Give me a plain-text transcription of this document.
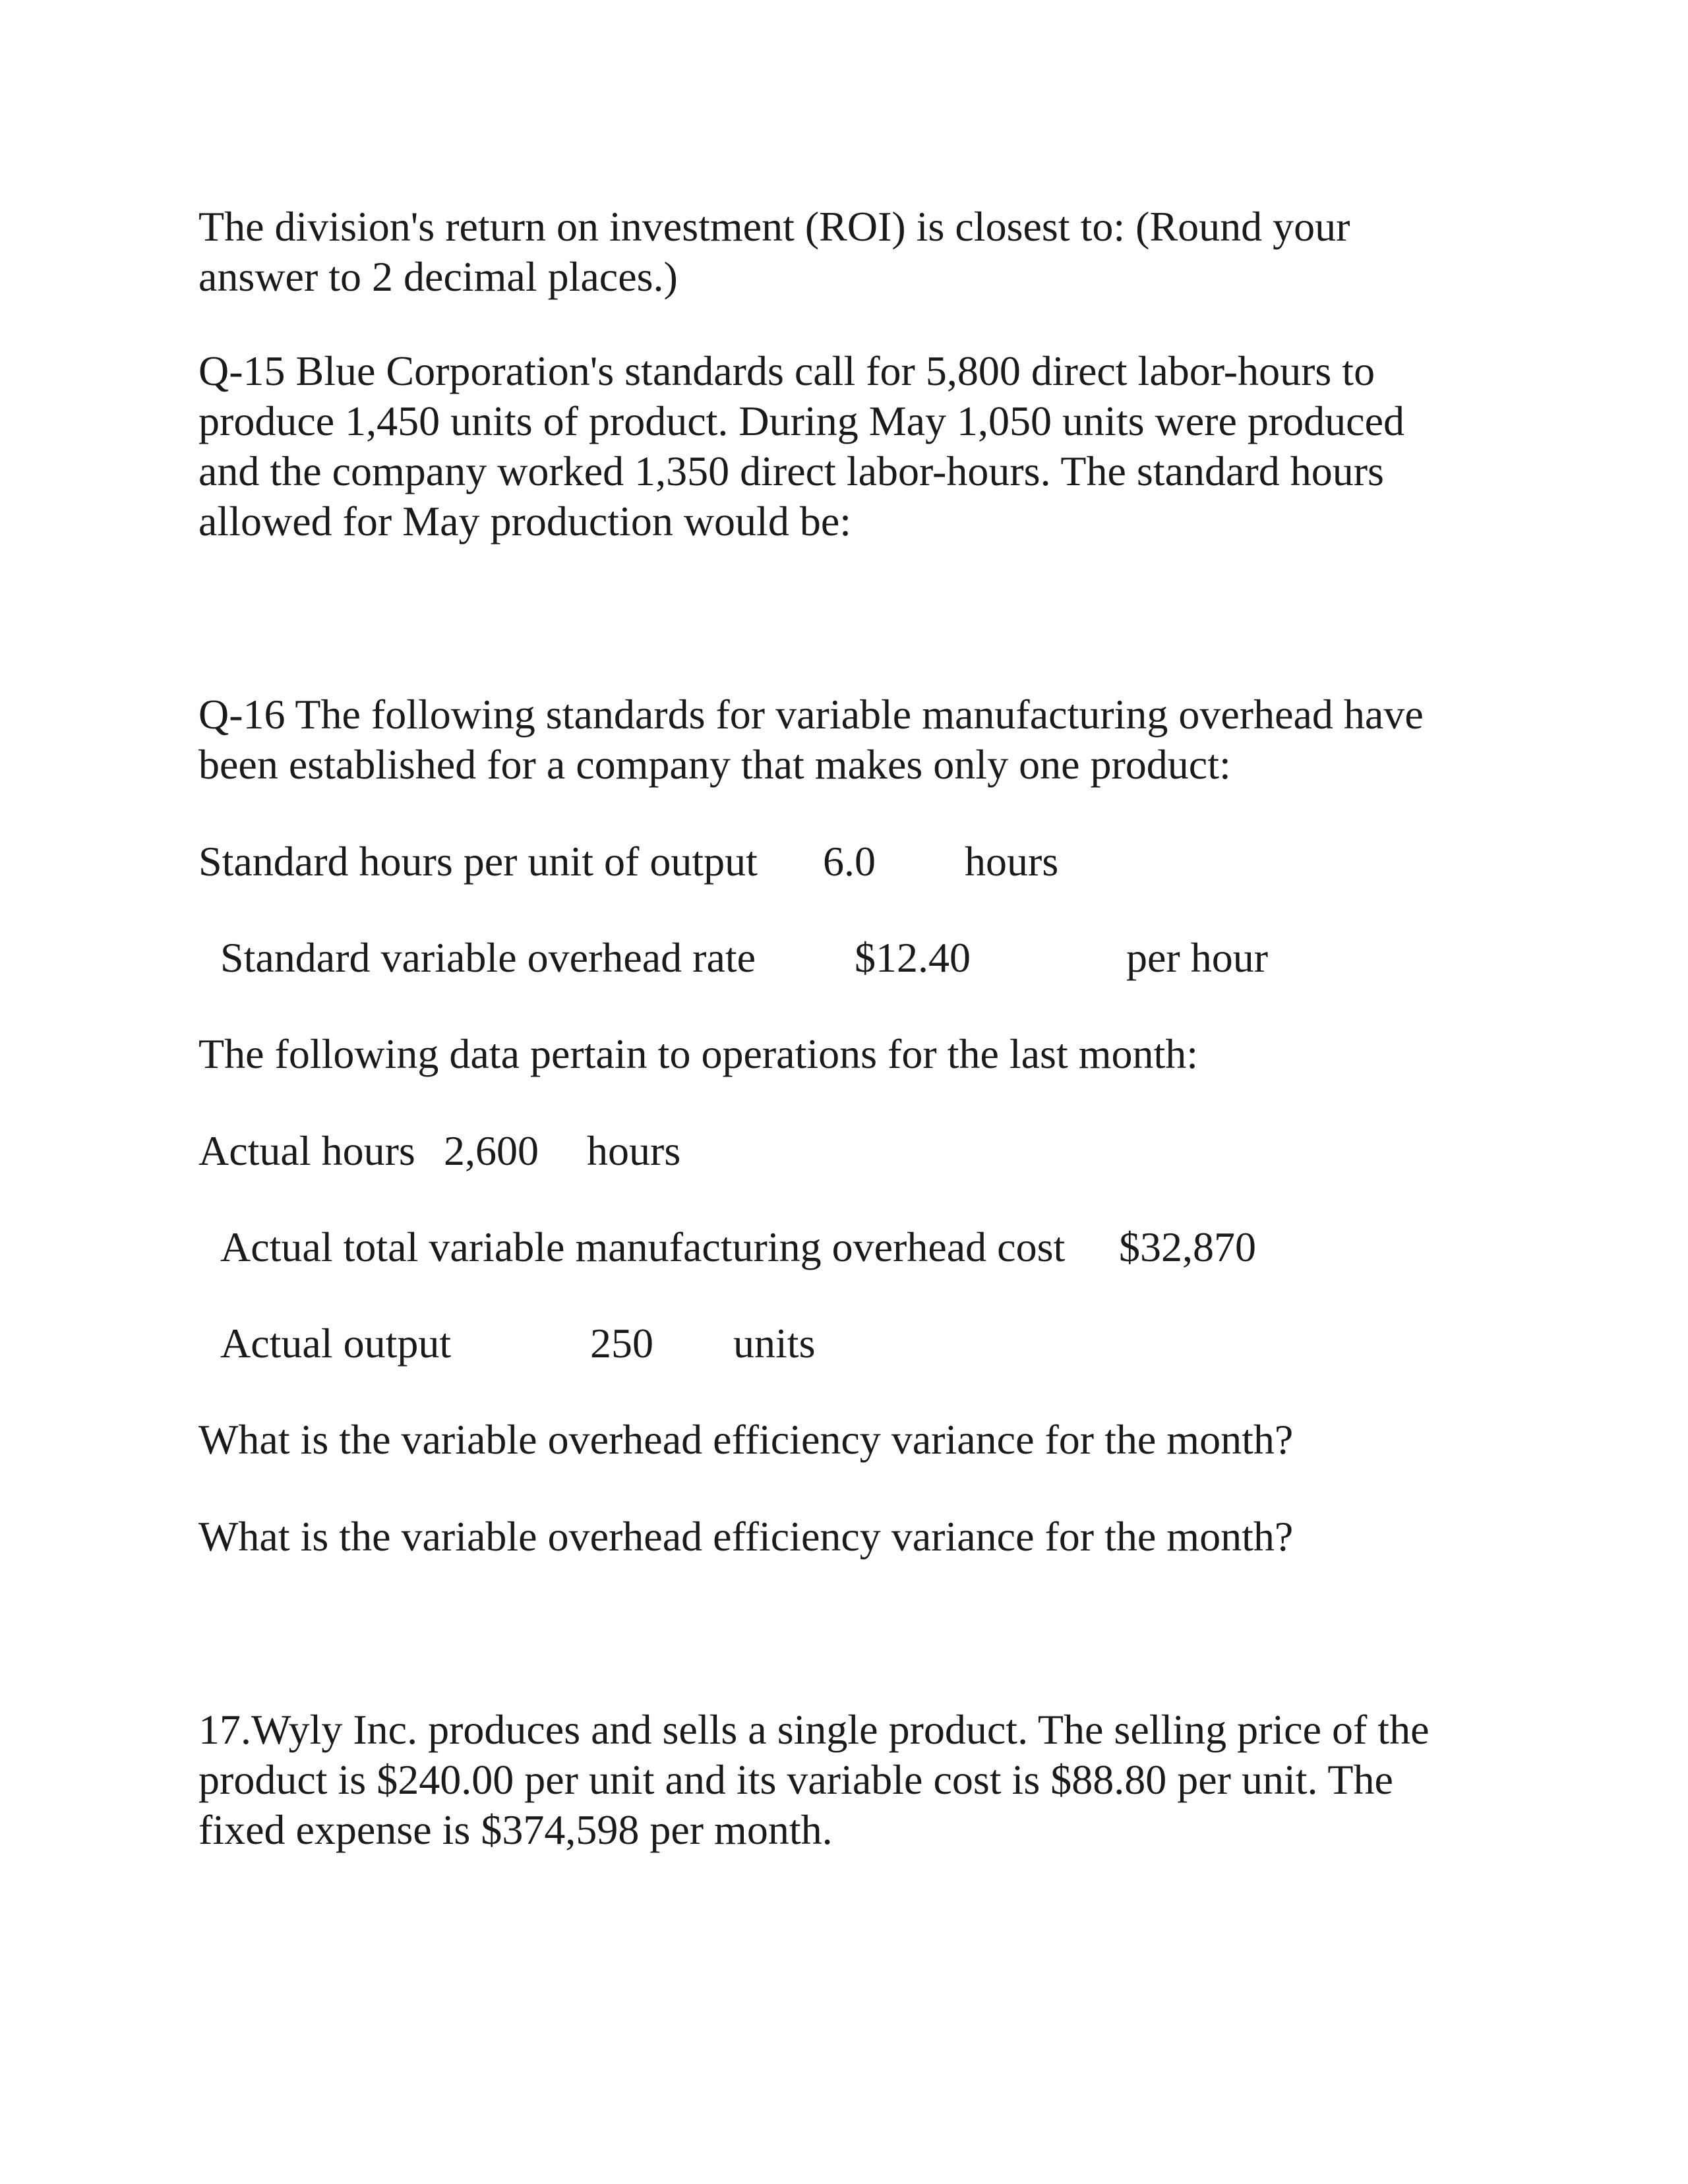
The division's return on investment (ROI) is closest to: (Round your

answer to 2 decimal places.)

Q-15 Blue Corporation's standards call for 5,800 direct labor-hours to

produce 1,450 units of product. During May 1,050 units were produced

and the company worked 1,350 direct labor-hours. The standard hours

allowed for May production would be:

Q-16 The following standards for variable manufacturing overhead have

been established for a company that makes only one product:

Standard hours per unit of output 6.0 hours

Standard variable overhead rate $12.40	per hour

The following data pertain to operations for the last month:

Actual hours 2,600 hours

Actual total variable manufacturing overhead cost $32,870

Actual output	250 units

What is the variable overhead efficiency variance for the month?

What is the variable overhead efficiency variance for the month?

17.Wyly Inc. produces and sells a single product. The selling price of the

product is $240.00 per unit and its variable cost is $88.80 per unit. The

fixed expense is $374,598 per month.
